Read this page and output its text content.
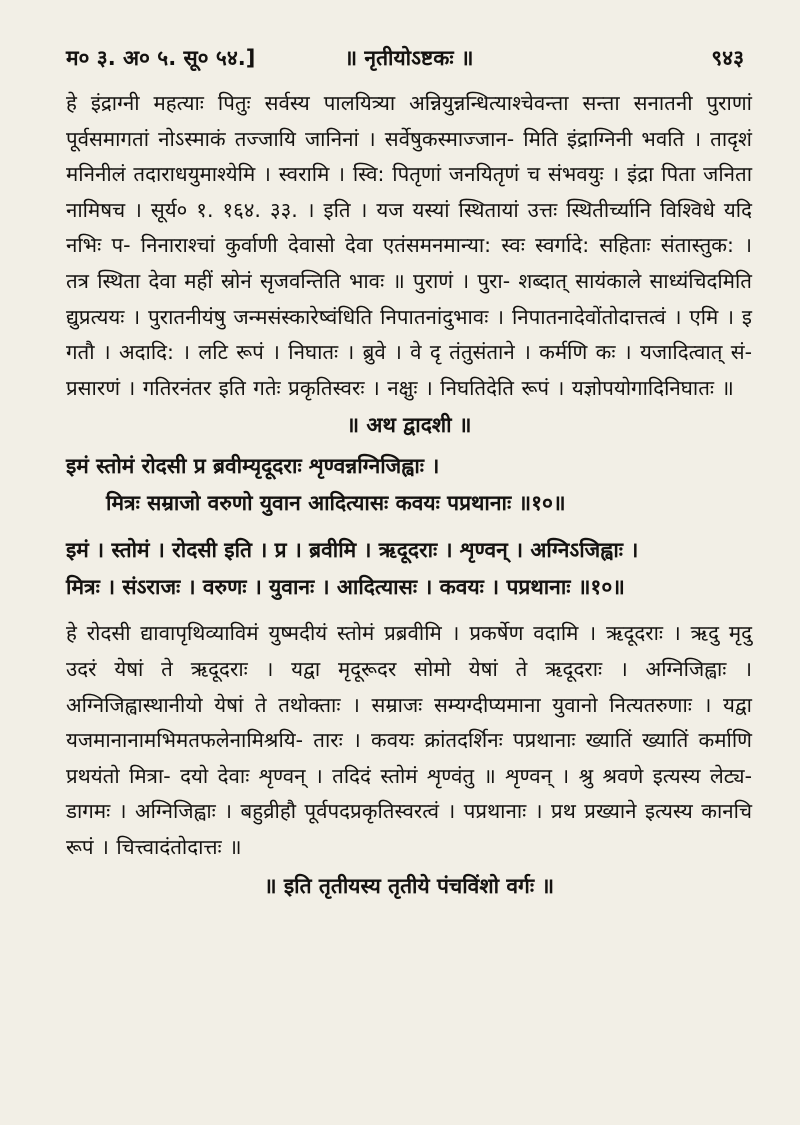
म० ३. अ० ५. सू० ५४.]	॥ नृतीयोऽष्टकः ॥	९४३

हे इंद्राग्नी महत्याः पितुः सर्वस्य पालयित्र्या अन्नियुन्नन्धित्याश्चेवन्ता सन्ता सनातनी पुराणां पूर्वसमागतां नोऽस्माकं तज्जायि जानिनां । सर्वेषुकस्माज्जान- मिति इंद्राग्निनी भवति । तादृशं मनिनीलं तदाराधयुमाश्येमि । स्वरामि । स्वि: पितृणां जनयितृणं च संभवयुः । इंद्रा पिता जनिता नामिषच । सूर्य० १. १६४. ३३. । इति । यज यस्यां स्थितायां उत्तः स्थितीर्च्यानि विश्विधे यदि नभिः प- निनाराश्चां कुर्वाणी देवासो देवा एतंसमनमान्या: स्वः स्वर्गादे: सहिताः संतास्तुक: । तत्र स्थिता देवा महीं स्रोनं सृजवन्तिति भावः ॥ पुराणं । पुरा- शब्दात् सायंकाले साध्यंचिदमिति द्युप्रत्ययः । पुरातनीयंषु जन्मसंस्कारेष्वंधिति निपातनांदुभावः । निपातनादेवोंतोदात्तत्वं । एमि । इ गतौ । अदादि: । लटि रूपं । निघातः । ब्रुवे । वे दृ तंतुसंताने । कर्मणि कः । यजादित्वात् सं- प्रसारणं । गतिरनंतर इति गतेः प्रकृतिस्वरः । नक्षुः । निघतिदेति रूपं । यज्ञोपयोगादिनिघातः ॥

॥ अथ द्वादशी ॥
इमं स्तोमं रोदसी प्र ब्रवीम्यृदूदराः शृण्वन्नग्निजिह्वाः ।
मित्रः सम्राजो वरुणो युवान आदित्यासः कवयः पप्रथानाः ॥१०॥
इमं । स्तोमं । रोदसी इति । प्र । ब्रवीमि । ऋदूदराः । शृण्वन् । अग्निऽजिह्वाः ।
मित्रः । संऽराजः । वरुणः । युवानः । आदित्यासः । कवयः । पप्रथानाः ॥१०॥

हे रोदसी द्यावापृथिव्याविमं युष्मदीयं स्तोमं प्रब्रवीमि । प्रकर्षेण वदामि । ऋदूदराः । ऋदु मृदु उदरं येषां ते ऋदूदराः । यद्वा मृदूरूदर सोमो येषां ते ऋदूदराः । अग्निजिह्वाः । अग्निजिह्वास्थानीयो येषां ते तथोक्ताः । सम्राजः सम्यग्दीप्यमाना युवानो नित्यतरुणाः । यद्वा यजमानानामभिमतफलेनामिश्रयि- तारः । कवयः क्रांतदर्शिनः पप्रथानाः ख्यातिं ख्यातिं कर्माणि प्रथयंतो मित्रा- दयो देवाः शृण्वन् । तदिदं स्तोमं शृण्वंतु ॥ शृण्वन् । श्रु श्रवणे इत्यस्य लेट्य- डागमः । अग्निजिह्वाः । बहुव्रीहौ पूर्वपदप्रकृतिस्वरत्वं । पप्रथानाः । प्रथ प्रख्याने इत्यस्य कानचि रूपं । चित्त्वादंतोदात्तः ॥

॥ इति तृतीयस्य तृतीये पंचविंशो वर्गः ॥
